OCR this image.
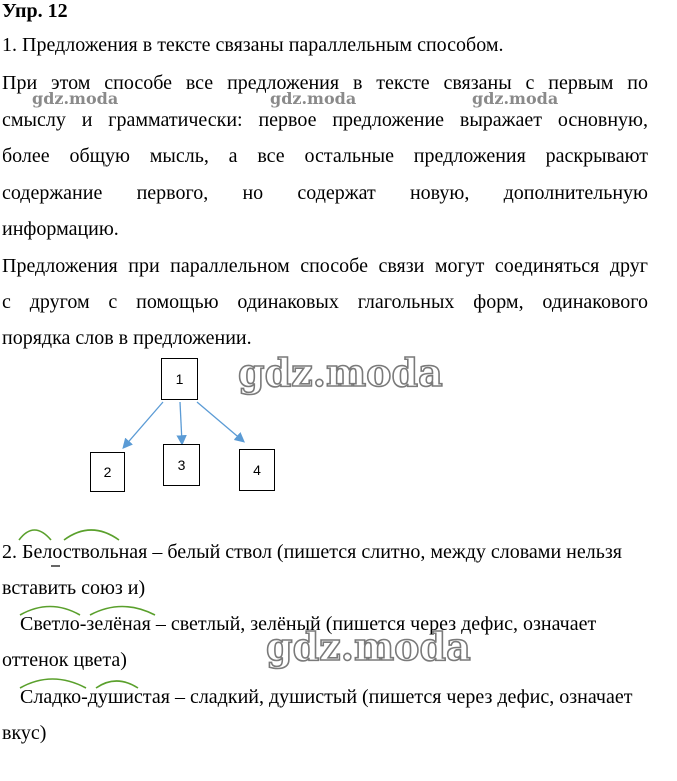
Упр. 12
1. Предложения в тексте связаны параллельным способом.
При этом способе все предложения в тексте связаны с первым по
смыслу и грамматически: первое предложение выражает основную,
более общую мысль, а все остальные предложения раскрывают
содержание первого, но содержат новую, дополнительную
информацию.
Предложения при параллельном способе связи могут соединяться друг
с другом с помощью одинаковых глагольных форм, одинакового
порядка слов в предложении.
gdz.moda	gdz.moda	gdz.moda
1
2	3	4
gdz.moda
2. Белоствольная – белый ствол (пишется слитно, между словами нельзя
вставить союз и)
Светло-зелёная – светлый, зелёный (пишется через дефис, означает
оттенок цвета)
Сладко-душистая – сладкий, душистый (пишется через дефис, означает
вкус)
gdz.moda
